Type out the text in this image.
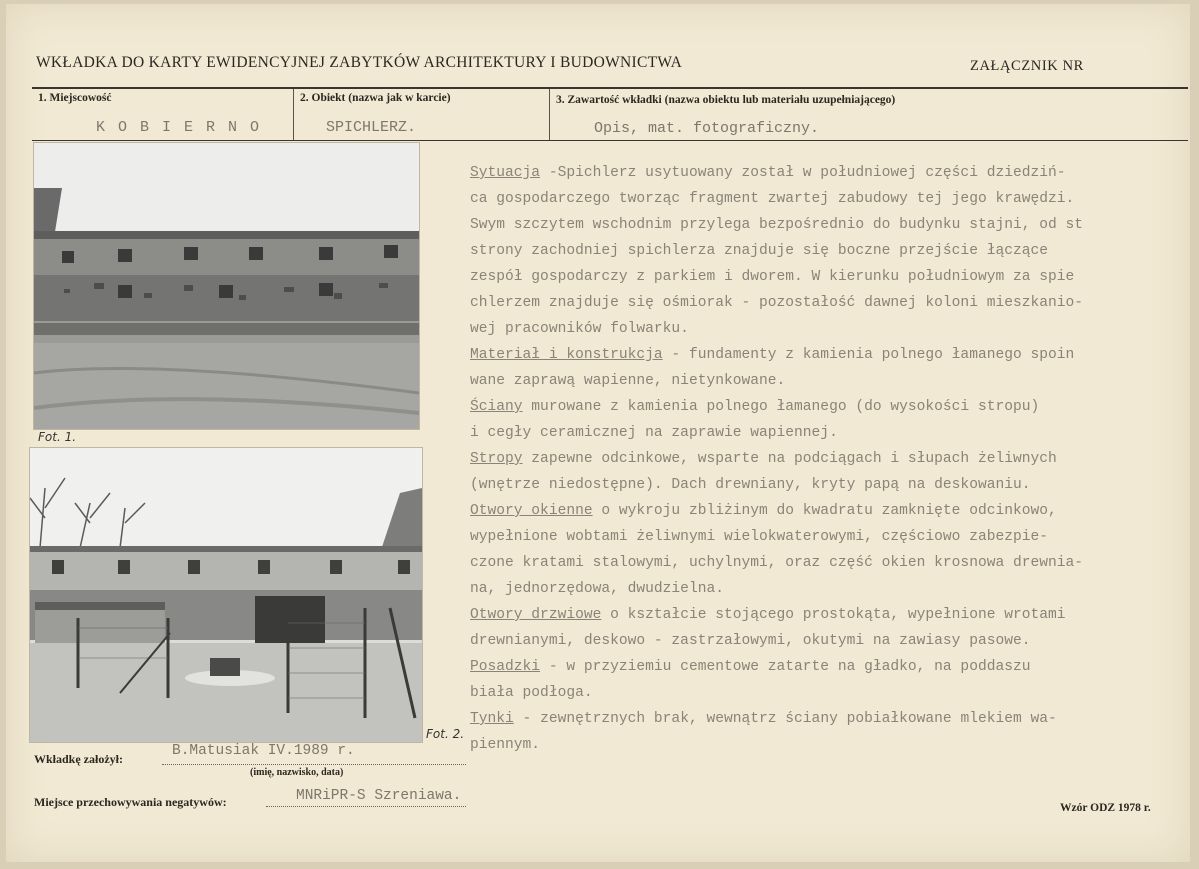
WKŁADKA DO KARTY EWIDENCYJNEJ ZABYTKÓW ARCHITEKTURY I BUDOWNICTWA	ZAŁĄCZNIK NR
1. Miejscowość
K O B I E R N O
2. Obiekt (nazwa jak w karcie)
SPICHLERZ.
3. Zawartość wkładki (nazwa obiektu lub materiału uzupełniającego)
Opis, mat. fotograficzny.
Fot. 1.
Fot. 2.
Sytuacja -Spichlerz usytuowany został w południowej części dziedziń-
ca gospodarczego tworząc fragment zwartej zabudowy tej jego krawędzi.
Swym szczytem wschodnim przylega bezpośrednio do budynku stajni, od st
strony zachodniej spichlerza znajduje się boczne przejście łączące
zespół gospodarczy z parkiem i dworem. W kierunku południowym za spie
chlerzem znajduje się ośmiorak - pozostałość dawnej koloni mieszkanio-
wej pracowników folwarku.
Materiał i konstrukcja - fundamenty z kamienia polnego łamanego spoin
wane zaprawą wapienne, nietynkowane.
Ściany murowane z kamienia polnego łamanego (do wysokości stropu)
i cegły ceramicznej na zaprawie wapiennej.
Stropy zapewne odcinkowe, wsparte na podciągach i słupach żeliwnych
(wnętrze niedostępne). Dach drewniany, kryty papą na deskowaniu.
Otwory okienne o wykroju zbliżinym do kwadratu zamknięte odcinkowo,
wypełnione wobtami żeliwnymi wielokwaterowymi, częściowo zabezpie-
czone kratami stalowymi, uchylnymi, oraz część okien krosnowa drewnia-
na, jednorzędowa, dwudzielna.
Otwory drzwiowe o kształcie stojącego prostokąta, wypełnione wrotami
drewnianymi, deskowo - zastrzałowymi, okutymi na zawiasy pasowe.
Posadzki - w przyziemiu cementowe zatarte na gładko, na poddaszu
biała podłoga.
Tynki - zewnętrznych brak, wewnątrz ściany pobiałkowane mlekiem wa-
piennym.
Wkładkę założył:	B.Matusiak IV.1989 r.
(imię, nazwisko, data)
Miejsce przechowywania negatywów:	MNRiPR-S Szreniawa.
Wzór ODZ 1978 r.
